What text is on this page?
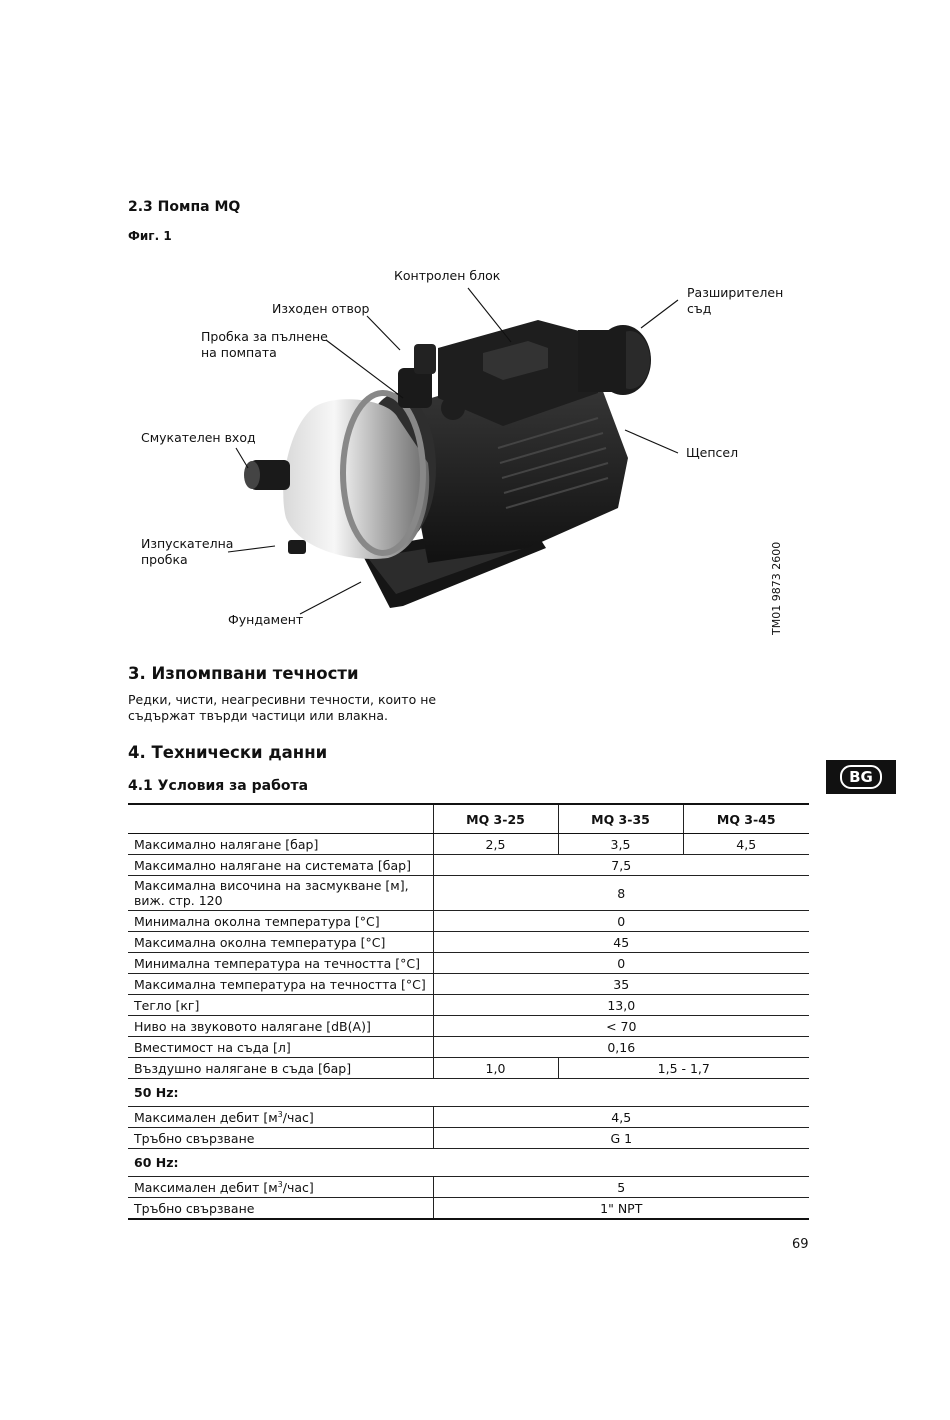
2.3 Помпа MQ
Фиг. 1
Контролен блок
Изходен отвор
Пробка за пълнене
на помпата
Разширителен
съд
Смукателен вход
Щепсел
Изпускателна
пробка
Фундамент	TM01 9873 2600
3. Изпомпвани течности
Редки, чисти, неагресивни течности, които не
съдържат твърди частици или влакна.
4. Технически данни
4.1 Условия за работа	BG
	MQ 3-25	MQ 3-35	MQ 3-45
Максимално налягане [бар]	2,5	3,5	4,5
Максимално налягане на системата [бар]	7,5		

Максимална височина на засмукване [м],
виж. стр. 120	8		
Минимална околна температура [°C]	0		
Максимална околна температура [°C]	45		
Минимална температура на течността [°C]	0		
Максимална температура на течността [°C]	35		
Тегло [кг]	13,0		
Ниво на звуковото налягане [dB(A)]	< 70		
Вместимост на съда [л]	0,16		
Въздушно налягане в съда [бар]	1,0	1,5 - 1,7	
50 Hz:			
Максимален дебит $[м^3/час]$	4,5		
Тръбно свързване	G 1		
60 Hz:			
Максимален дебит $[м^3/час]$	5		
Тръбно свързване	1" NPT		
69
